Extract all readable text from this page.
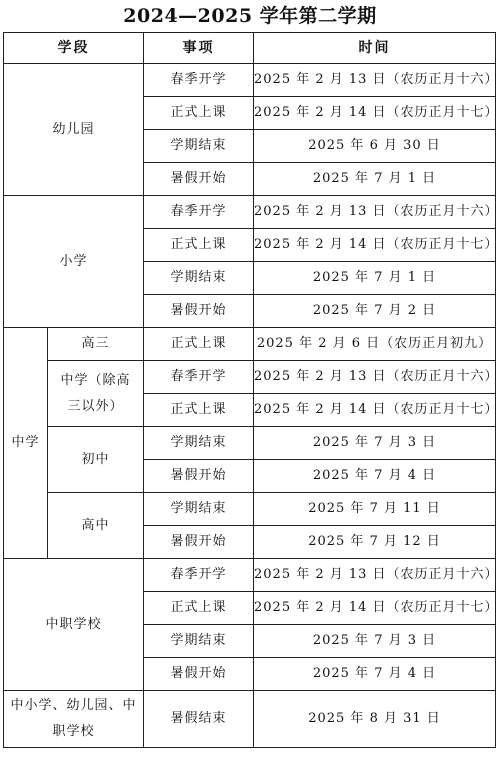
2024—2025 学年第二学期
学段		事项	时间
幼儿园		春季开学	2025 年 2 月 13 日（农历正月十六）
		正式上课	2025 年 2 月 14 日（农历正月十七）
		学期结束	2025 年 6 月 30 日
		暑假开始	2025 年 7 月 1 日
小学		春季开学	2025 年 2 月 13 日（农历正月十六）
		正式上课	2025 年 2 月 14 日（农历正月十七）
		学期结束	2025 年 7 月 1 日
		暑假开始	2025 年 7 月 2 日
中学	高三	正式上课	2025 年 2 月 6 日（农历正月初九）
	中学（除高三以外）	春季开学	2025 年 2 月 13 日（农历正月十六）
		正式上课	2025 年 2 月 14 日（农历正月十七）
	初中	学期结束	2025 年 7 月 3 日
		暑假开始	2025 年 7 月 4 日
	高中	学期结束	2025 年 7 月 11 日
		暑假开始	2025 年 7 月 12 日
中职学校		春季开学	2025 年 2 月 13 日（农历正月十六）
		正式上课	2025 年 2 月 14 日（农历正月十七）
		学期结束	2025 年 7 月 3 日
		暑假开始	2025 年 7 月 4 日
中小学、幼儿园、中职学校		暑假结束	2025 年 8 月 31 日
